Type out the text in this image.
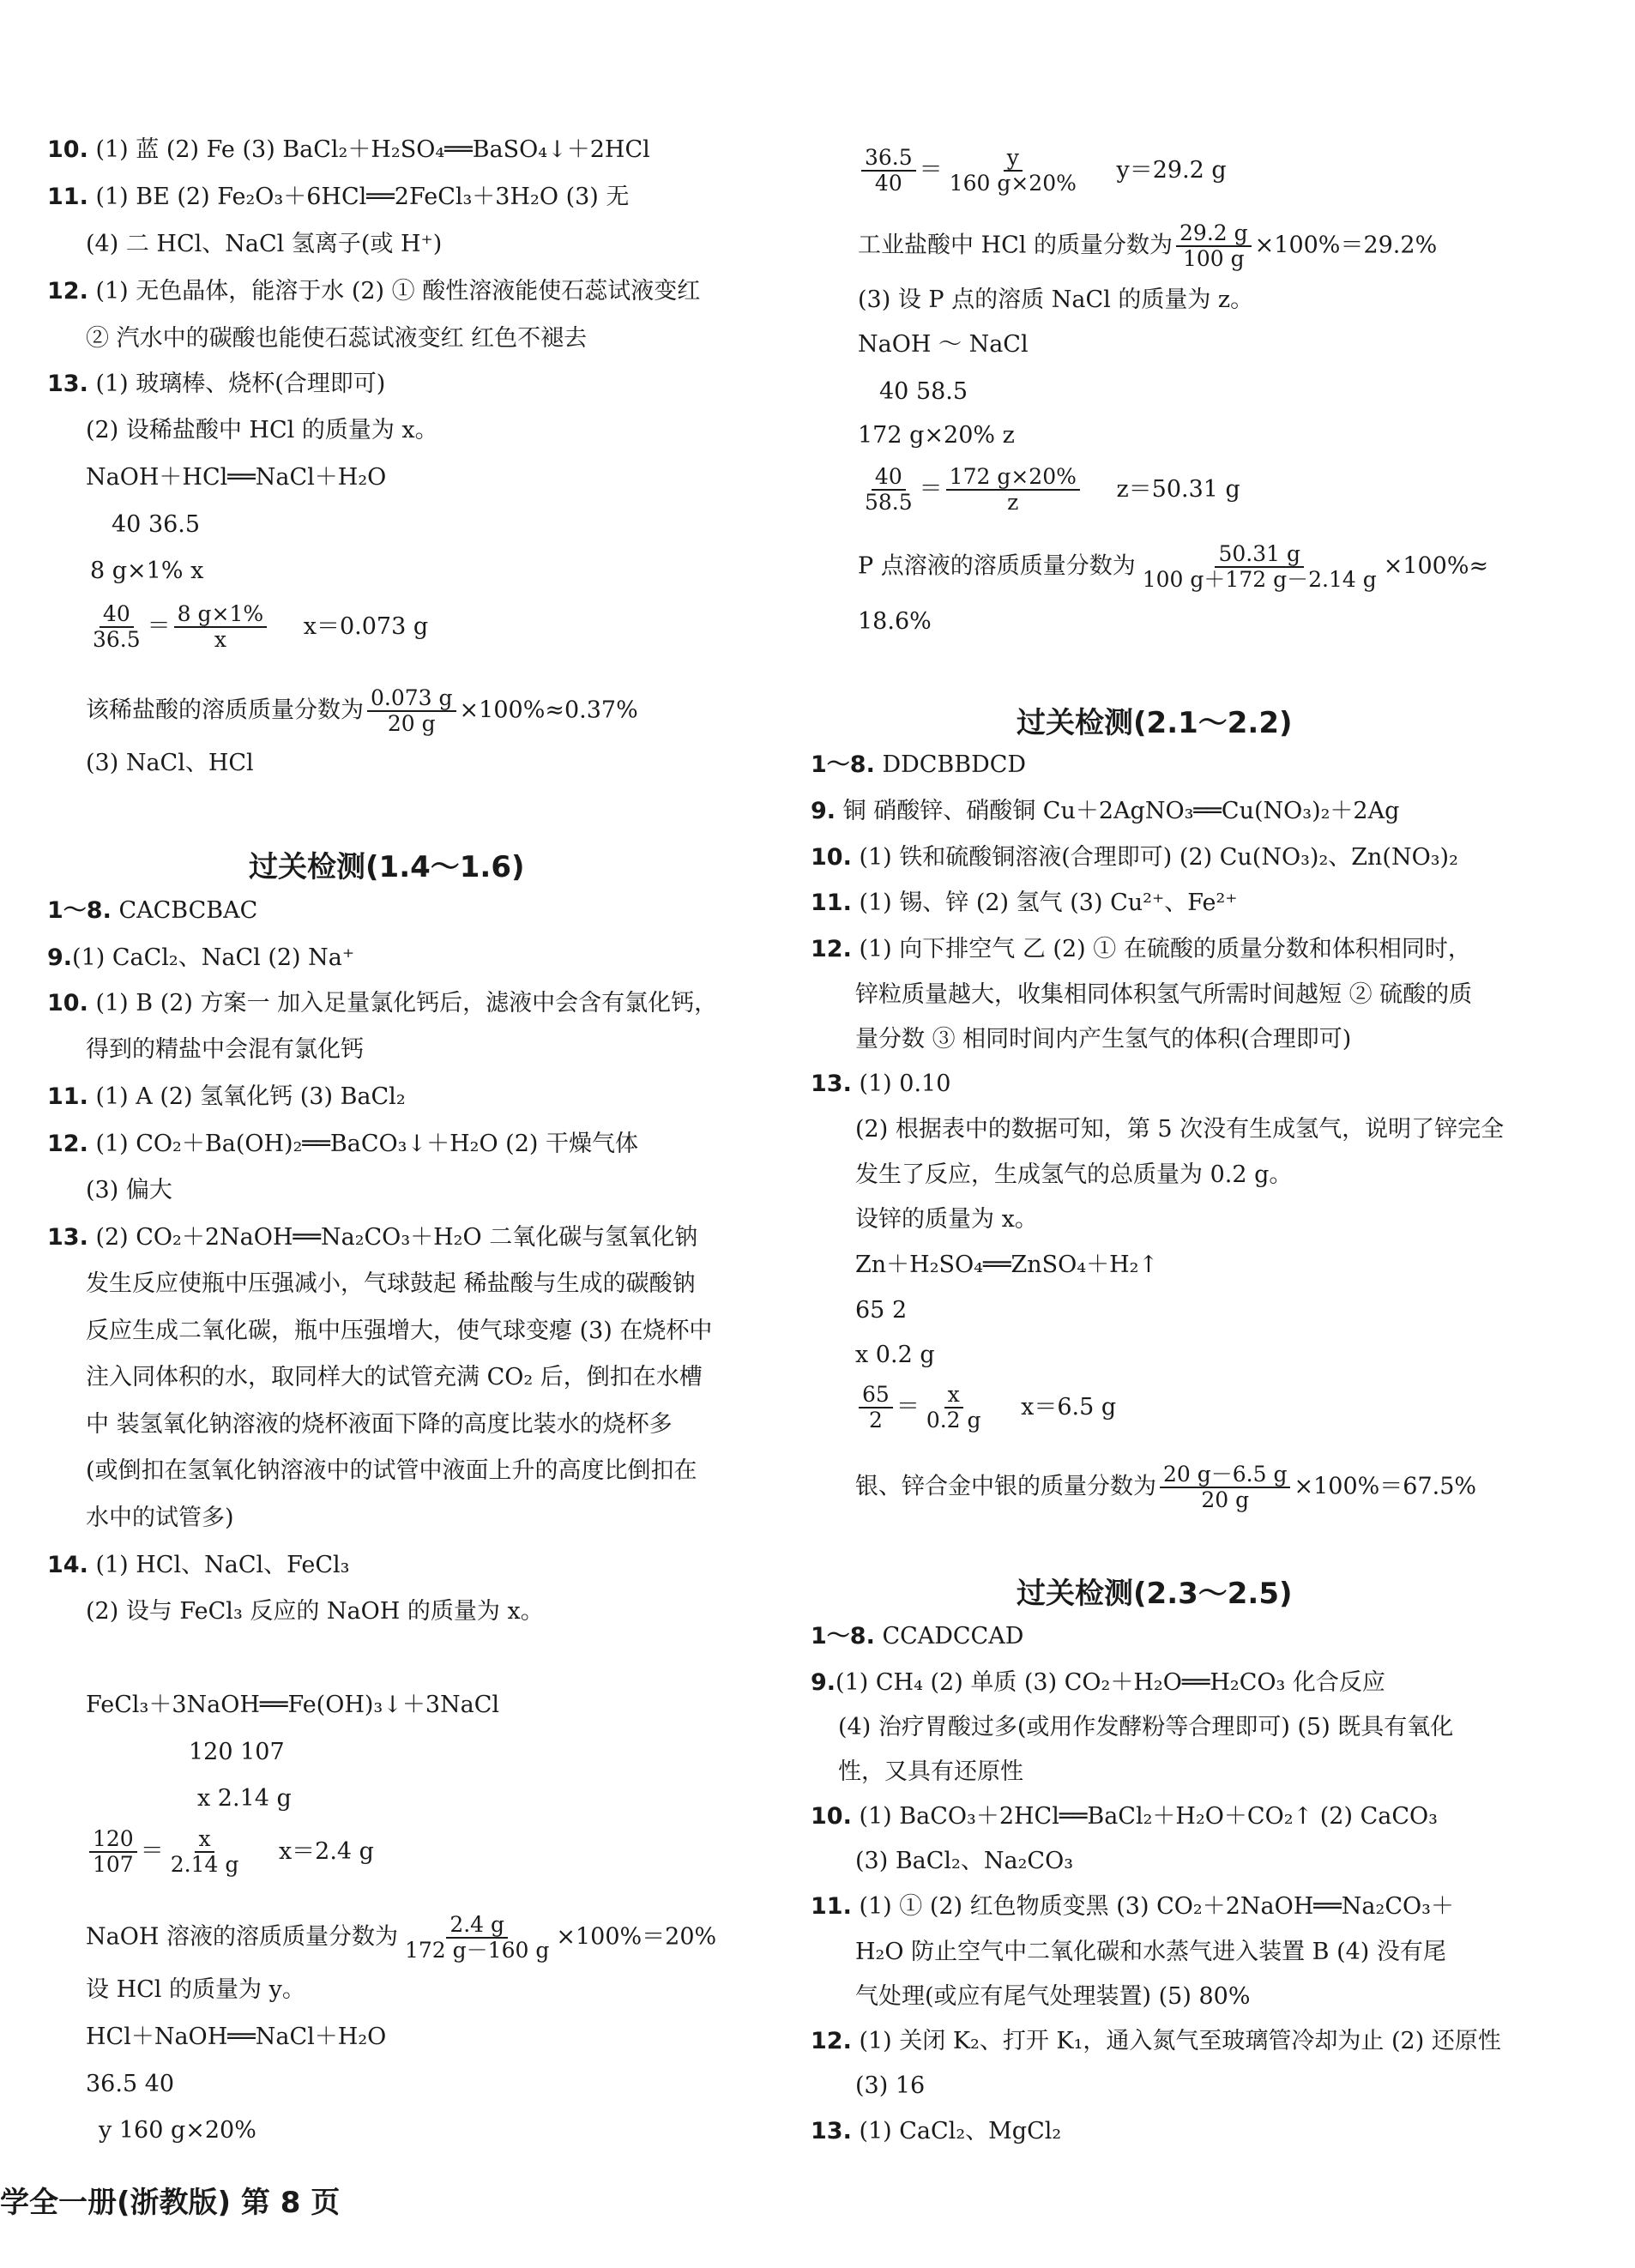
10. (1) 蓝 (2) Fe (3) BaCl₂＋H₂SO₄══BaSO₄↓＋2HCl
11. (1) BE (2) Fe₂O₃＋6HCl══2FeCl₃＋3H₂O (3) 无
(4) 二 HCl、NaCl 氢离子(或 H⁺)
12. (1) 无色晶体，能溶于水 (2) ① 酸性溶液能使石蕊试液变红
② 汽水中的碳酸也能使石蕊试液变红 红色不褪去
13. (1) 玻璃棒、烧杯(合理即可)
(2) 设稀盐酸中 HCl 的质量为 x。
NaOH＋HCl══NaCl＋H₂O
40 36.5
8 g×1% x
$\frac{40}{36.5} = \frac{8 g\times 1\%}{x} x=0.073$ g
该稀盐酸的溶质质量分数为 $\frac{0.073 g}{20 g} \times 100\%\approx 0.37\%$
(3) NaCl、HCl
过关检测(1.4～1.6)
1～8. CACBCBAC
9.(1) CaCl₂、NaCl (2) Na⁺
10. (1) B (2) 方案一 加入足量氯化钙后，滤液中会含有氯化钙，
得到的精盐中会混有氯化钙
11. (1) A (2) 氢氧化钙 (3) BaCl₂
12. (1) CO₂＋Ba(OH)₂══BaCO₃↓＋H₂O (2) 干燥气体
(3) 偏大
13. (2) CO₂＋2NaOH══Na₂CO₃＋H₂O 二氧化碳与氢氧化钠
发生反应使瓶中压强减小，气球鼓起 稀盐酸与生成的碳酸钠
反应生成二氧化碳，瓶中压强增大，使气球变瘪 (3) 在烧杯中
注入同体积的水，取同样大的试管充满 CO₂ 后，倒扣在水槽
中 装氢氧化钠溶液的烧杯液面下降的高度比装水的烧杯多
(或倒扣在氢氧化钠溶液中的试管中液面上升的高度比倒扣在
水中的试管多)
14. (1) HCl、NaCl、FeCl₃
(2) 设与 FeCl₃ 反应的 NaOH 的质量为 x。
FeCl₃＋3NaOH══Fe(OH)₃↓＋3NaCl
120 107
x 2.14 g
$\frac{120}{107} = \frac{x}{2.14 g} x=2.4$ g
NaOH 溶液的溶质质量分数为 $\frac{2.4 g}{172 g-160 g} \times 100\%=20\%$
设 HCl 的质量为 y。
HCl＋NaOH══NaCl＋H₂O
36.5 40
y 160 g×20%
$\frac{36.5}{40} = \frac{y}{160 g\times 20\%} y=29.2$ g
工业盐酸中 HCl 的质量分数为 $\frac{29.2 g}{100 g} \times 100\%=29.2\%$
(3) 设 P 点的溶质 NaCl 的质量为 z。
NaOH ～ NaCl
40 58.5
172 g×20% z
$\frac{40}{58.5} = \frac{172 g\times 20\%}{z} z=50.31$ g
P 点溶液的溶质质量分数为 $\frac{50.31 g}{100 g+172 g-2.14 g} \times 100\%\approx$
18.6%
过关检测(2.1～2.2)
1～8. DDCBBDCD
9. 铜 硝酸锌、硝酸铜 Cu＋2AgNO₃══Cu(NO₃)₂＋2Ag
10. (1) 铁和硫酸铜溶液(合理即可) (2) Cu(NO₃)₂、Zn(NO₃)₂
11. (1) 锡、锌 (2) 氢气 (3) Cu²⁺、Fe²⁺
12. (1) 向下排空气 乙 (2) ① 在硫酸的质量分数和体积相同时，
锌粒质量越大，收集相同体积氢气所需时间越短 ② 硫酸的质
量分数 ③ 相同时间内产生氢气的体积(合理即可)
13. (1) 0.10
(2) 根据表中的数据可知，第 5 次没有生成氢气，说明了锌完全
发生了反应，生成氢气的总质量为 0.2 g。
设锌的质量为 x。
Zn＋H₂SO₄══ZnSO₄＋H₂↑
65 2
x 0.2 g
$\frac{65}{2} = \frac{x}{0.2 g} x=6.5$ g
银、锌合金中银的质量分数为 $\frac{20 g-6.5 g}{20 g} \times 100\%=67.5\%$
过关检测(2.3～2.5)
1～8. CCADCCAD
9.(1) CH₄ (2) 单质 (3) CO₂＋H₂O══H₂CO₃ 化合反应
(4) 治疗胃酸过多(或用作发酵粉等合理即可) (5) 既具有氧化
性，又具有还原性
10. (1) BaCO₃＋2HCl══BaCl₂＋H₂O＋CO₂↑ (2) CaCO₃
(3) BaCl₂、Na₂CO₃
11. (1) ① (2) 红色物质变黑 (3) CO₂＋2NaOH══Na₂CO₃＋
H₂O 防止空气中二氧化碳和水蒸气进入装置 B (4) 没有尾
气处理(或应有尾气处理装置) (5) 80%
12. (1) 关闭 K₂、打开 K₁，通入氮气至玻璃管冷却为止 (2) 还原性
(3) 16
13. (1) CaCl₂、MgCl₂
学全一册(浙教版) 第 8 页
